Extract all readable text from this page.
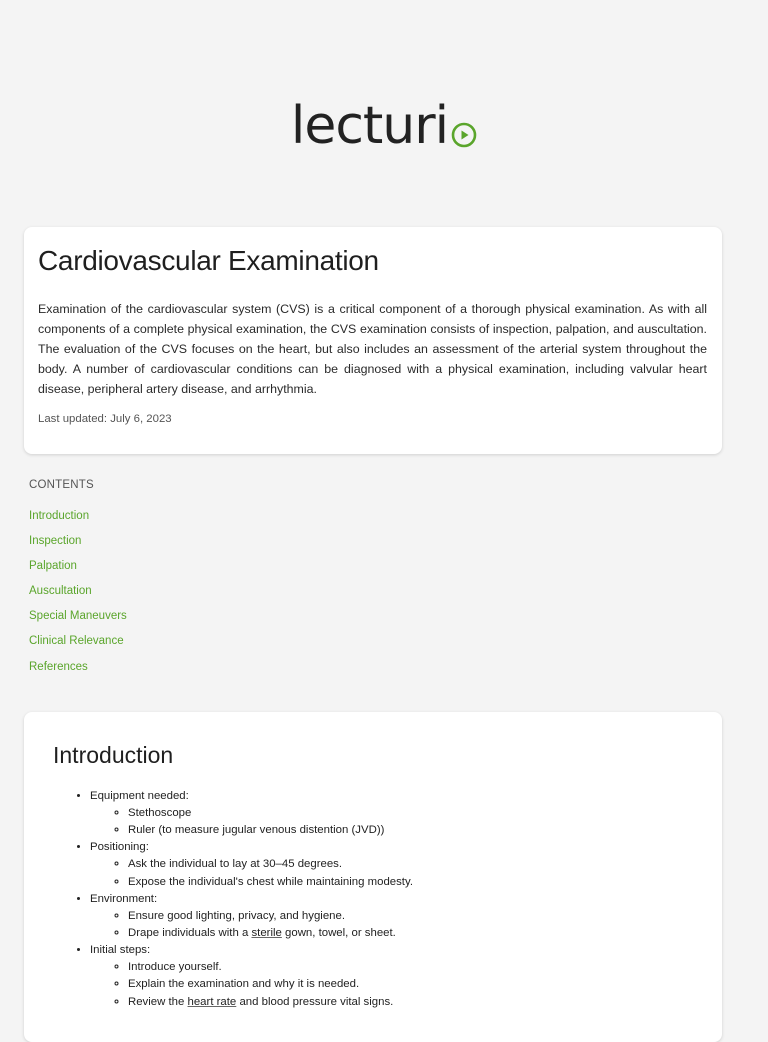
lecturi
Cardiovascular Examination

Examination of the cardiovascular system (CVS) is a critical component of a thorough physical examination. As with all components of a complete physical examination, the CVS examination consists of inspection, palpation, and auscultation. The evaluation of the CVS focuses on the heart, but also includes an assessment of the arterial system throughout the body. A number of cardiovascular conditions can be diagnosed with a physical examination, including valvular heart disease, peripheral artery disease, and arrhythmia.

Last updated: July 6, 2023

CONTENTS
Introduction
Inspection
Palpation
Auscultation
Special Maneuvers
Clinical Relevance
References
Introduction
• Equipment needed:
◦ Stethoscope
◦ Ruler (to measure jugular venous distention (JVD))
• Positioning:
◦ Ask the individual to lay at 30–45 degrees.
◦ Expose the individual's chest while maintaining modesty.
• Environment:
◦ Ensure good lighting, privacy, and hygiene.
◦ Drape individuals with a sterile gown, towel, or sheet.
• Initial steps:
◦ Introduce yourself.
◦ Explain the examination and why it is needed.
◦ Review the heart rate and blood pressure vital signs.
